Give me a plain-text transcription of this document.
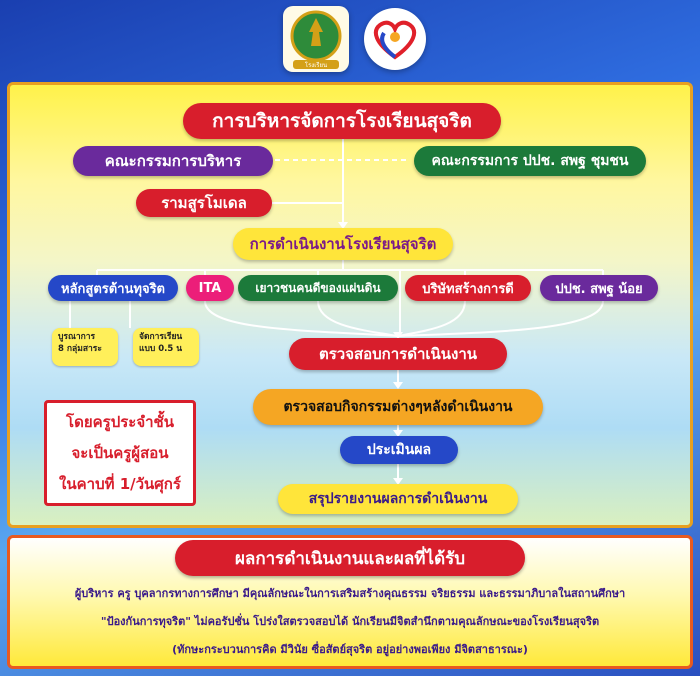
โรงเรียน
การบริหารจัดการโรงเรียนสุจริต
คณะกรรมการบริหาร	คณะกรรมการ ปปช. สพฐ ชุมชน
รามสูรโมเดล
การดำเนินงานโรงเรียนสุจริต
หลักสูตรต้านทุจริต	ITA	เยาวชนคนดีของแผ่นดิน	บริษัทสร้างการดี	ปปช. สพฐ น้อย
บูรณาการ
8 กลุ่มสาระ
จัดการเรียน
แบบ 0.5 น	ตรวจสอบการดำเนินงาน
ตรวจสอบกิจกรรมต่างๆหลังดำเนินงาน
ประเมินผล
สรุปรายงานผลการดำเนินงาน
โดยครูประจำชั้น
จะเป็นครูผู้สอน
ในคาบที่ 1/วันศุกร์
ผลการดำเนินงานและผลที่ได้รับ
ผู้บริหาร ครู บุคลากรทางการศึกษา มีคุณลักษณะในการเสริมสร้างคุณธรรม จริยธรรม และธรรมาภิบาลในสถานศึกษา
"ป้องกันการทุจริต" ไม่คอรัปชั่น โปร่งใสตรวจสอบได้ นักเรียนมีจิตสำนึกตามคุณลักษณะของโรงเรียนสุจริต
(ทักษะกระบวนการคิด มีวินัย ซื่อสัตย์สุจริต อยู่อย่างพอเพียง มีจิตสาธารณะ)
